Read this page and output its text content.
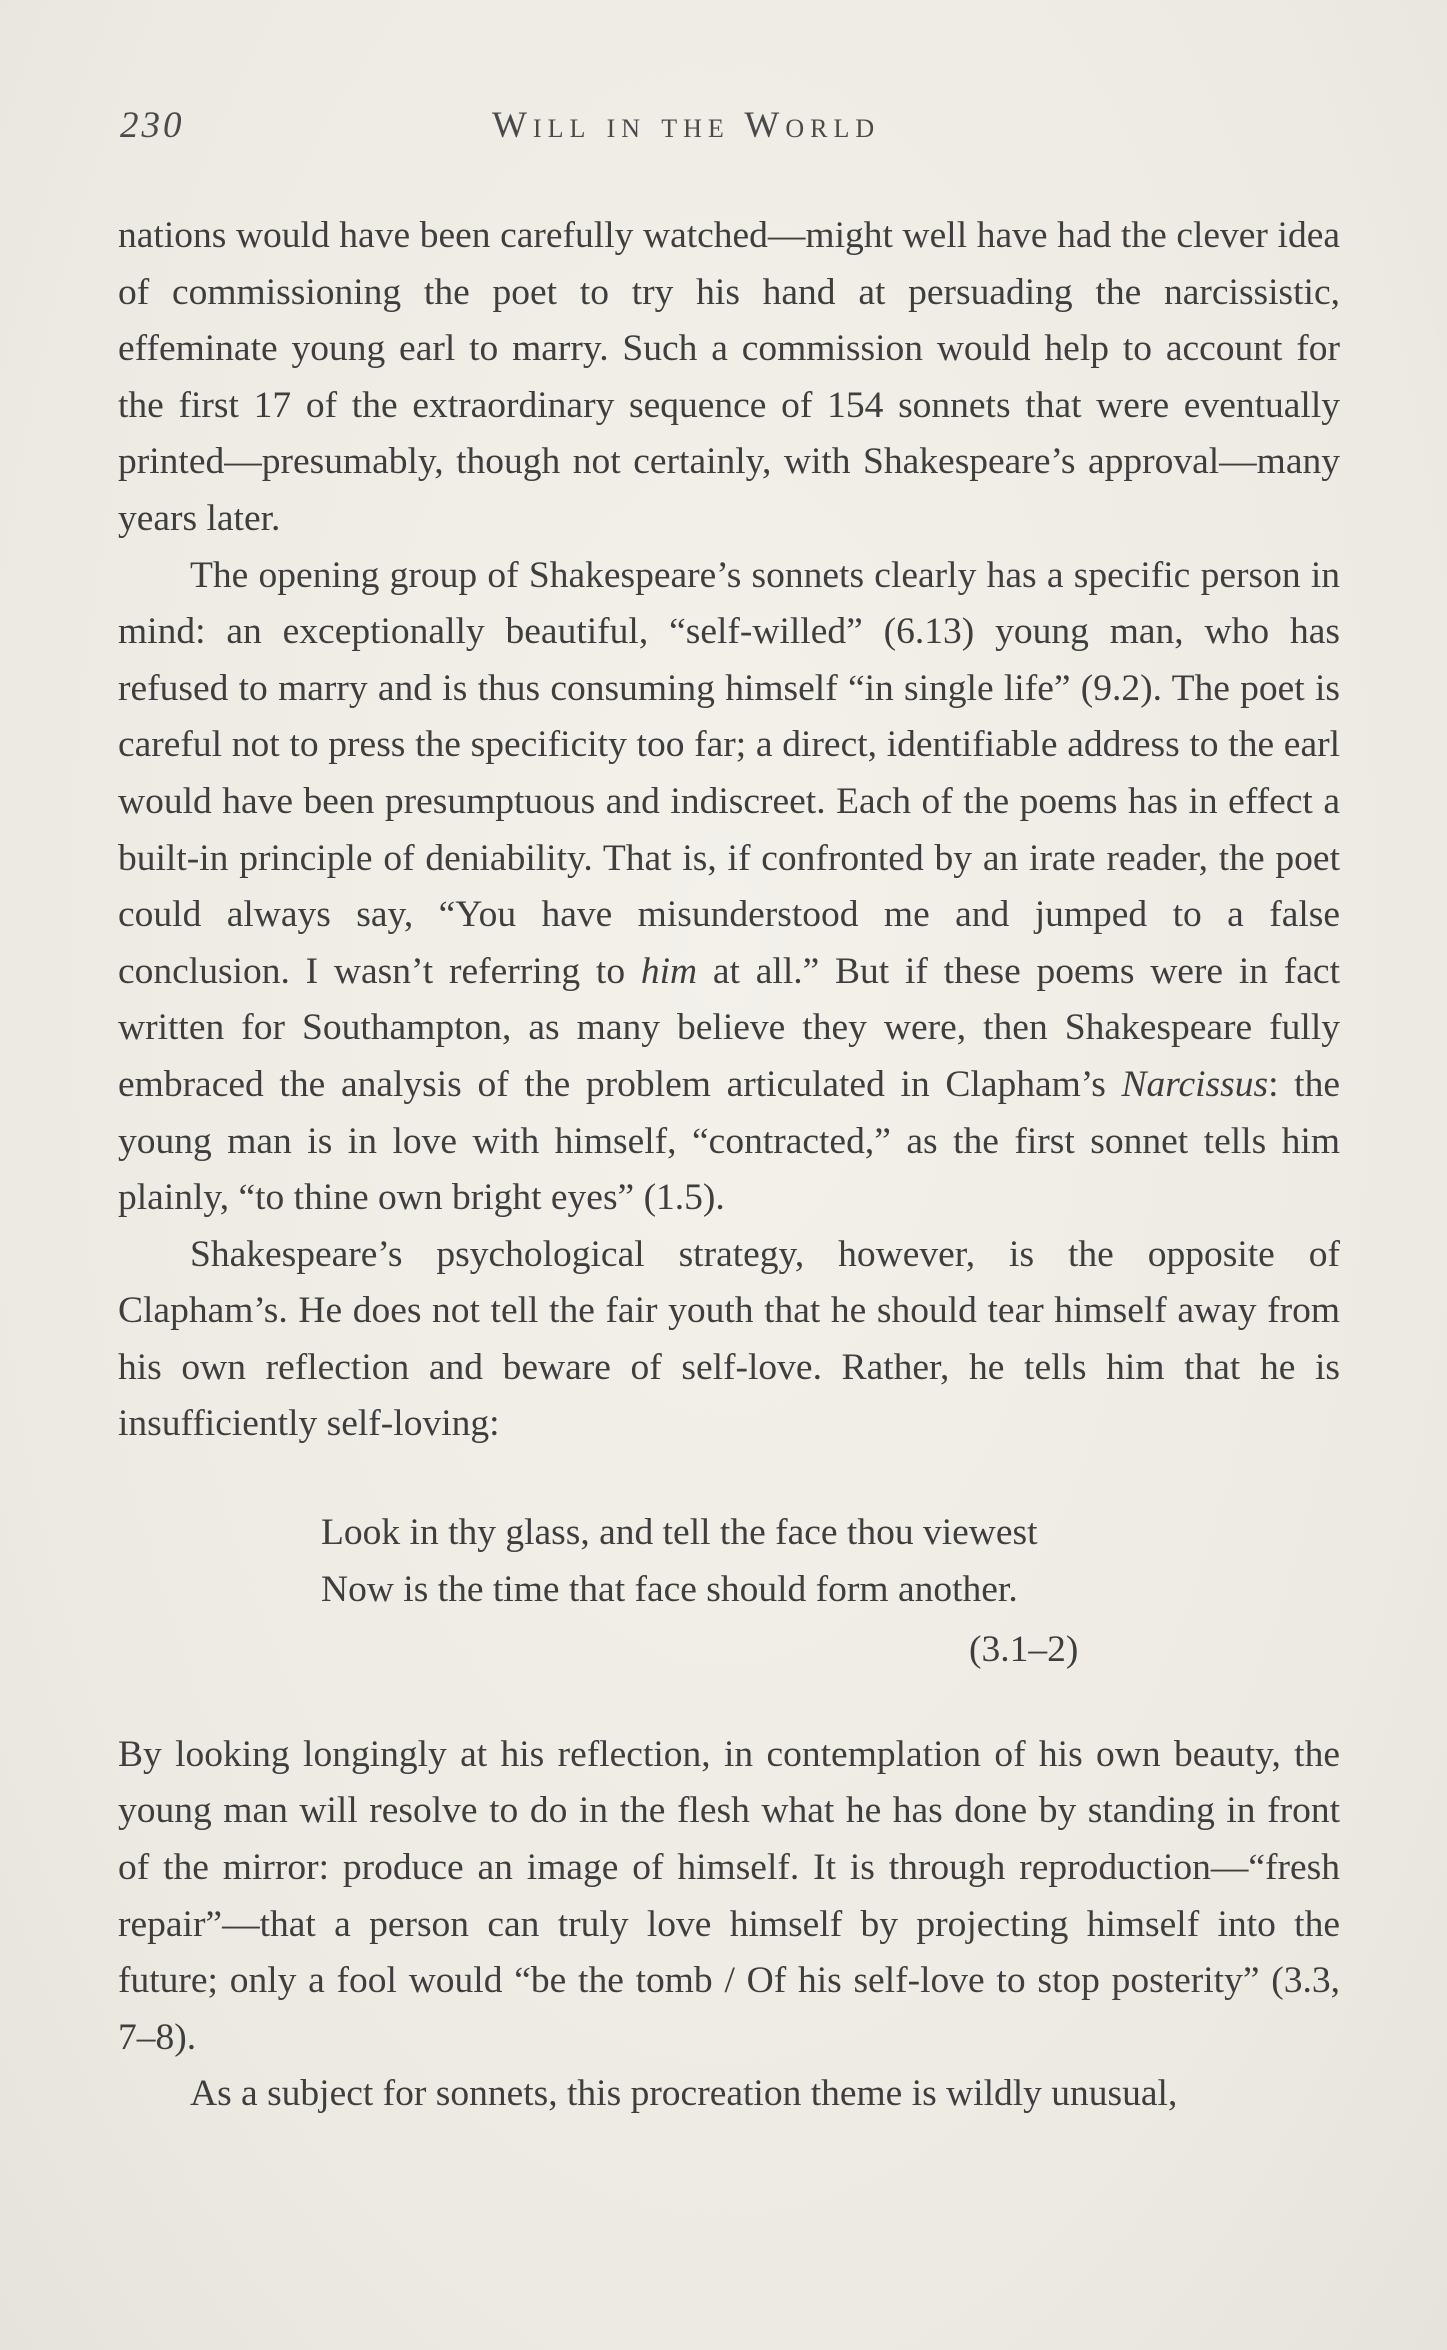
230	Will in the World

nations would have been carefully watched—might well have had the clever idea of commissioning the poet to try his hand at persuading the narcissistic, effeminate young earl to marry. Such a commission would help to account for the first 17 of the extraordinary sequence of 154 sonnets that were eventually printed—presumably, though not certainly, with Shakespeare’s approval—many years later.

The opening group of Shakespeare’s sonnets clearly has a specific person in mind: an exceptionally beautiful, “self-willed” (6.13) young man, who has refused to marry and is thus consuming himself “in single life” (9.2). The poet is careful not to press the specificity too far; a direct, identifiable address to the earl would have been presumptuous and indiscreet. Each of the poems has in effect a built-in principle of deniability. That is, if confronted by an irate reader, the poet could always say, “You have misunderstood me and jumped to a false conclusion. I wasn’t referring to him at all.” But if these poems were in fact written for Southampton, as many believe they were, then Shakespeare fully embraced the analysis of the problem articulated in Clapham’s Narcissus: the young man is in love with himself, “contracted,” as the first sonnet tells him plainly, “to thine own bright eyes” (1.5).

Shakespeare’s psychological strategy, however, is the opposite of Clapham’s. He does not tell the fair youth that he should tear himself away from his own reflection and beware of self-love. Rather, he tells him that he is insufficiently self-loving:

Look in thy glass, and tell the face thou viewest
Now is the time that face should form another.
(3.1–2)

By looking longingly at his reflection, in contemplation of his own beauty, the young man will resolve to do in the flesh what he has done by standing in front of the mirror: produce an image of himself. It is through reproduction—“fresh repair”—that a person can truly love himself by projecting himself into the future; only a fool would “be the tomb / Of his self-love to stop posterity” (3.3, 7–8).

As a subject for sonnets, this procreation theme is wildly unusual,
